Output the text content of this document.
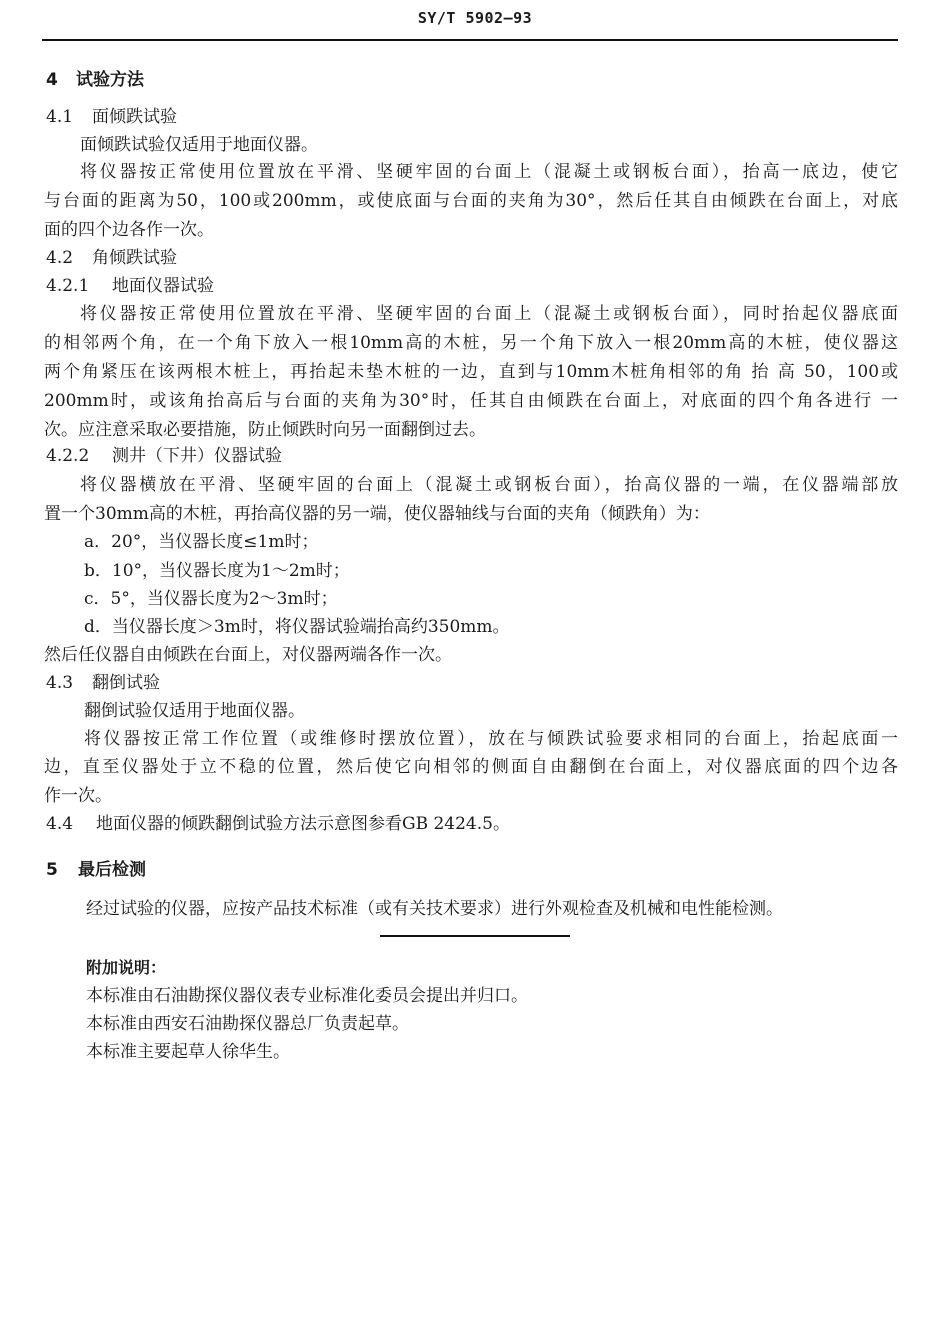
SY/T 5902—93
4 试验方法
4.1 面倾跌试验
面倾跌试验仅适用于地面仪器。
将仪器按正常使用位置放在平滑、坚硬牢固的台面上（混凝土或钢板台面），抬高一底边，使它
与台面的距离为50，100或200mm，或使底面与台面的夹角为30°，然后任其自由倾跌在台面上，对底
面的四个边各作一次。
4.2 角倾跌试验
4.2.1 地面仪器试验
将仪器按正常使用位置放在平滑、坚硬牢固的台面上（混凝土或钢板台面），同时抬起仪器底面
的相邻两个角，在一个角下放入一根10mm高的木桩，另一个角下放入一根20mm高的木桩，使仪器这
两个角紧压在该两根木桩上，再抬起未垫木桩的一边，直到与10mm木桩角相邻的角 抬 高 50，100或
200mm时，或该角抬高后与台面的夹角为30°时，任其自由倾跌在台面上，对底面的四个角各进行 一
次。应注意采取必要措施，防止倾跌时向另一面翻倒过去。
4.2.2 测井（下井）仪器试验
将仪器横放在平滑、坚硬牢固的台面上（混凝土或钢板台面），抬高仪器的一端，在仪器端部放
置一个30mm高的木桩，再抬高仪器的另一端，使仪器轴线与台面的夹角（倾跌角）为：
a．20°，当仪器长度≤1m时；
b．10°，当仪器长度为1～2m时；
c．5°，当仪器长度为2～3m时；
d．当仪器长度＞3m时，将仪器试验端抬高约350mm。
然后任仪器自由倾跌在台面上，对仪器两端各作一次。
4.3 翻倒试验
翻倒试验仅适用于地面仪器。
将仪器按正常工作位置（或维修时摆放位置），放在与倾跌试验要求相同的台面上，抬起底面一
边，直至仪器处于立不稳的位置，然后使它向相邻的侧面自由翻倒在台面上，对仪器底面的四个边各
作一次。
4.4 地面仪器的倾跌翻倒试验方法示意图参看GB 2424.5。
5 最后检测
经过试验的仪器，应按产品技术标准（或有关技术要求）进行外观检查及机械和电性能检测。
附加说明：
本标准由石油勘探仪器仪表专业标准化委员会提出并归口。
本标准由西安石油勘探仪器总厂负责起草。
本标准主要起草人徐华生。
